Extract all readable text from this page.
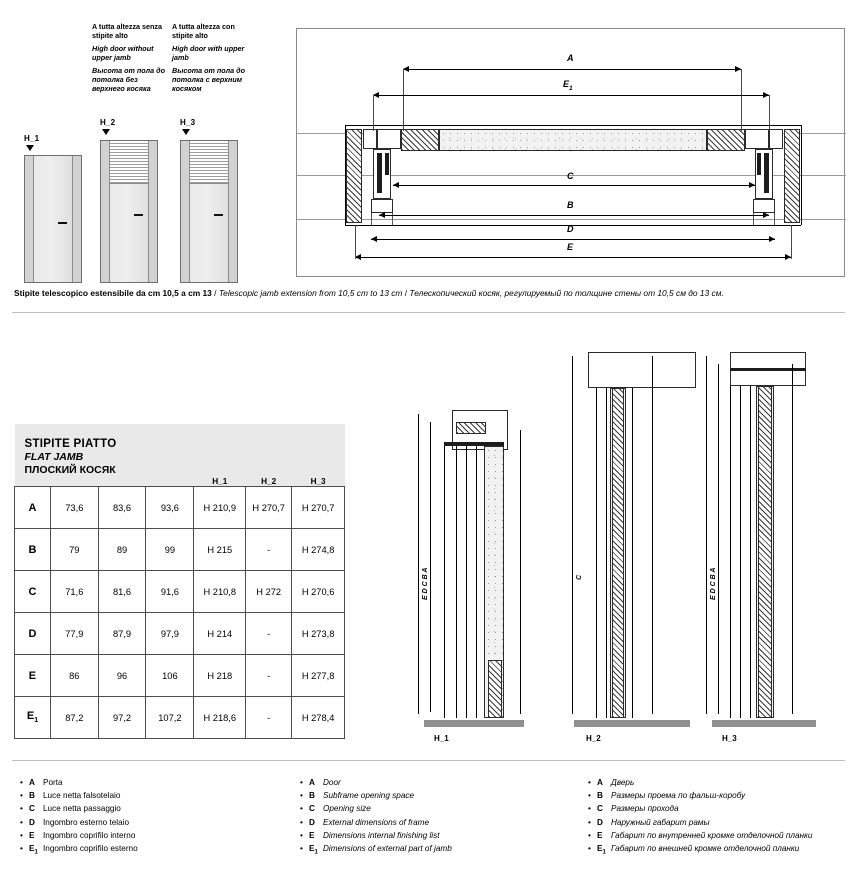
A tutta altezza senza stipite alto
High door without upper jamb
Высота от пола до потолка без верхнего косяка
A tutta altezza con stipite alto
High door with upper jamb
Высота от пола до потолка с верхним косяком
H_1
H_2	H_3
A
$E_1$
C
B
D
E
Stipite telescopico estensibile da cm 10,5 a cm 13 / Telescopic jamb extension from 10,5 cm to 13 cm / Телескопический косяк, регулируемый по толщине стены от 10,5 см до 13 см.
STIPITE PIATTO
FLAT JAMB
ПЛОСКИЙ КОСЯК				H_1	H_2	H_3
A	73,6	83,6	93,6	H 210,9	H 270,7	H 270,7
B	79	89	99	H 215	-	H 274,8
C	71,6	81,6	91,6	H 210,8	H 272	H 270,6
D	77,9	87,9	97,9	H 214	-	H 273,8
E	86	96	106	H 218	-	H 277,8
$E_1$	87,2	97,2	107,2	H 218,6	-	H 278,4
H_1
E D C B A
H_2
C
H_3
E D C B A
• A Porta
• B Luce netta falsotelaio
• C Luce netta passaggio
• D Ingombro esterno telaio
• E Ingombro coprifilo interno
• $E_1$ Ingombro coprifilo esterno
• A Door
• B Subframe opening space
• C Opening size
• D External dimensions of frame
• E Dimensions internal finishing list
• $E_1$ Dimensions of external part of jamb
• A Дверь
• B Размеры проема по фальш-коробу
• C Размеры прохода
• D Наружный габарит рамы
• E Габарит по внутренней кромке отделочной планки
• $E_1$ Габарит по внешней кромке отделочной планки
